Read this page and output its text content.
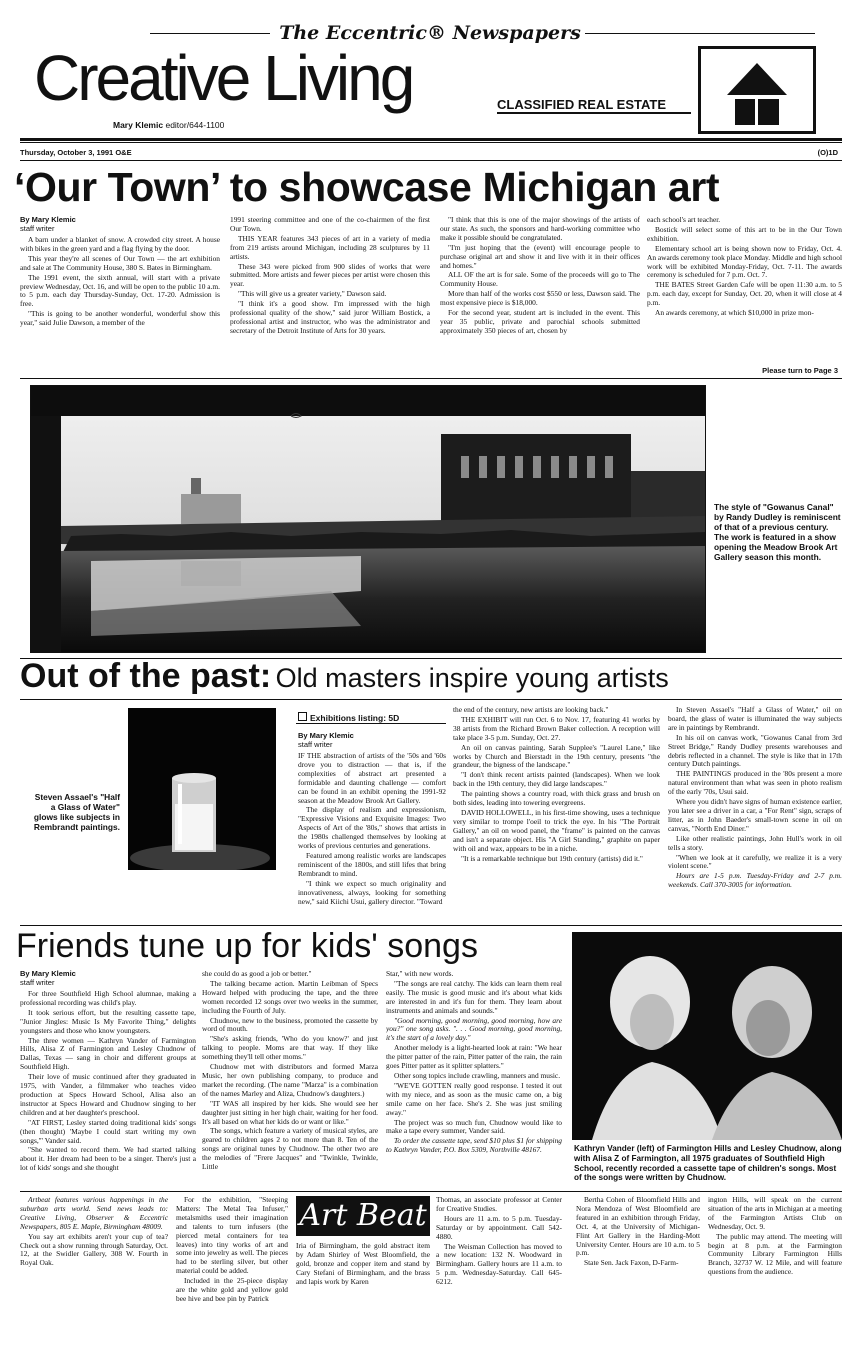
The Eccentric® Newspapers
Creative Living
Mary Klemic editor/644-1100
CLASSIFIED REAL ESTATE
Thursday, October 3, 1991 O&E	(O)1D
‘Our Town’ to showcase Michigan art
By Mary Klemic
staff writer

A barn under a blanket of snow. A crowded city street. A house with bikes in the green yard and a flag flying by the door.

This year they're all scenes of Our Town — the art exhibition and sale at The Community House, 380 S. Bates in Birmingham.

The 1991 event, the sixth annual, will start with a private preview Wednesday, Oct. 16, and will be open to the public 10 a.m. to 5 p.m. each day Thursday-Sunday, Oct. 17-20. Admission is free.

"This is going to be another wonderful, wonderful show this year," said Julie Dawson, a member of the

1991 steering committee and one of the co-chairmen of the first Our Town.

THIS YEAR features 343 pieces of art in a variety of media from 219 artists around Michigan, including 28 sculptures by 11 artists.

These 343 were picked from 900 slides of works that were submitted. More artists and fewer pieces per artist were chosen this year.

"This will give us a greater variety," Dawson said.

"I think it's a good show. I'm impressed with the high professional quality of the show," said juror William Bostick, a professional artist and instructor, who was the administrator and secretary of the Detroit Institute of Arts for 30 years.

"I think that this is one of the major showings of the artists of our state. As such, the sponsors and hard-working committee who make it possible should be congratulated.

"I'm just hoping that the (event) will encourage people to purchase original art and show it and live with it in their offices and homes."

ALL OF the art is for sale. Some of the proceeds will go to The Community House.

More than half of the works cost $550 or less, Dawson said. The most expensive piece is $18,000.

For the second year, student art is included in the event. This year 35 public, private and parochial schools submitted approximately 350 pieces of art, chosen by

each school's art teacher.

Bostick will select some of this art to be in the Our Town exhibition.

Elementary school art is being shown now to Friday, Oct. 4. An awards ceremony took place Monday. Middle and high school work will be exhibited Monday-Friday, Oct. 7-11. The awards ceremony is scheduled for 7 p.m. Oct. 7.

THE BATES Street Garden Cafe will be open 11:30 a.m. to 5 p.m. each day, except for Sunday, Oct. 20, when it will close at 4 p.m.

An awards ceremony, at which $10,000 in prize mon-

Please turn to Page 3
The style of "Gowanus Canal" by Randy Dudley is reminiscent of that of a previous century. The work is featured in a show opening the Meadow Brook Art Gallery season this month.
Out of the past: Old masters inspire young artists
Steven Assael's "Half a Glass of Water" glows like subjects in Rembrandt paintings.
Exhibitions listing: 5D
By Mary Klemic
staff writer

IF THE abstraction of artists of the '50s and '60s drove you to distraction — that is, if the complexities of abstract art presented a formidable and daunting challenge — comfort can be found in an exhibit opening the 1991-92 season at the Meadow Brook Art Gallery.

The display of realism and expressionism, "Expressive Visions and Exquisite Images: Two Aspects of Art of the '80s," shows that artists in the 1980s challenged themselves by looking at works of previous centuries and generations.

Featured among realistic works are landscapes reminiscent of the 1800s, and still lifes that bring Rembrandt to mind.

"I think we expect so much originality and innovativeness, always, looking for something new," said Kiichi Usui, gallery director. "Toward

the end of the century, new artists are looking back."

THE EXHIBIT will run Oct. 6 to Nov. 17, featuring 41 works by 38 artists from the Richard Brown Baker collection. A reception will take place 3-5 p.m. Sunday, Oct. 27.

An oil on canvas painting, Sarah Supplee's "Laurel Lane," like works by Church and Bierstadt in the 19th century, presents "the grandeur, the bigness of the landscape."

"I don't think recent artists painted (landscapes). When we look back in the 19th century, they did large landscapes."

The painting shows a country road, with thick grass and brush on both sides, leading into towering evergreens.

DAVID HOLLOWELL, in his first-time showing, uses a technique very similar to trompe l'oeil to trick the eye. In his "The Portrait Gallery," an oil on wood panel, the "frame" is painted on the canvas and isn't a separate object. His "A Girl Standing," graphite on paper with oil and wax, appears to be in a niche.

"It is a remarkable technique but 19th century (artists) did it."

In Steven Assael's "Half a Glass of Water," oil on board, the glass of water is illuminated the way subjects are in paintings by Rembrandt.

In his oil on canvas work, "Gowanus Canal from 3rd Street Bridge," Randy Dudley presents warehouses and debris reflected in a channel. The style is like that in 17th century Dutch paintings.

THE PAINTINGS produced in the '80s present a more natural environment than what was seen in photo realism of the early '70s, Usui said.

Where you didn't have signs of human existence earlier, you later see a driver in a car, a "For Rent" sign, scraps of litter, as in John Baeder's small-town scene in oil on canvas, "North End Diner."

Like other realistic paintings, John Hull's work in oil tells a story.

"When we look at it carefully, we realize it is a very violent scene."

Hours are 1-5 p.m. Tuesday-Friday and 2-7 p.m. weekends. Call 370-3005 for information.

Friends tune up for kids' songs
By Mary Klemic
staff writer

For three Southfield High School alumnae, making a professional recording was child's play.

It took serious effort, but the resulting cassette tape, "Junior Jingles: Music Is My Favorite Thing," delights youngsters and those who know youngsters.

The three women — Kathryn Vander of Farmington Hills, Alisa Z of Farmington and Lesley Chudnow of Dallas, Texas — sang in choir and different groups at Southfield High.

Their love of music continued after they graduated in 1975, with Vander, a filmmaker who teaches video production at Specs Howard School, Alisa also an instructor at Specs Howard and Chudnow singing to her children and at her daughter's preschool.

"AT FIRST, Lesley started doing traditional kids' songs (then thought) 'Maybe I could start writing my own songs,'" Vander said.

"She wanted to record them. We had started talking about it. Her dream had been to be a singer. There's just a lot of kids' songs and she thought

she could do as good a job or better."

The talking became action. Martin Leibman of Specs Howard helped with producing the tape, and the three women recorded 12 songs over two weeks in the summer, including the Fourth of July.

Chudnow, new to the business, promoted the cassette by word of mouth.

"She's asking friends, 'Who do you know?' and just talking to people. Moms are that way. If they like something they'll tell other moms."

Chudnow met with distributors and formed Marza Music, her own publishing company, to produce and market the recording. (The name "Marza" is a combination of the names Marley and Aliza, Chudnow's daughters.)

"IT WAS all inspired by her kids. She would see her daughter just sitting in her high chair, waiting for her food. It's all based on what her kids do or want or like."

The songs, which feature a variety of musical styles, are geared to children ages 2 to not more than 8. Ten of the songs are original tunes by Chudnow. The other two are the melodies of "Frere Jacques" and "Twinkle, Twinkle, Little

Star," with new words.

"The songs are real catchy. The kids can learn them real easily. The music is good music and it's about what kids are interested in and it's fun for them. They learn about instruments and animals and sounds."

"Good morning, good morning, good morning, how are you?" one song asks. ". . . Good morning, good morning, it's the start of a lovely day."

Another melody is a light-hearted look at rain: "We hear the pitter patter of the rain, Pitter patter of the rain, the rain goes Pitter patter as it splitter splatters."

Other song topics include crawling, manners and music.

"WE'VE GOTTEN really good response. I tested it out with my niece, and as soon as the music came on, a big smile came on her face. She's 2. She was just smiling away."

The project was so much fun, Chudnow would like to make a tape every summer, Vander said.

To order the cassette tape, send $10 plus $1 for shipping to Kathryn Vander, P.O. Box 5309, Northville 48167.	Kathryn Vander (left) of Farmington Hills and Lesley Chudnow, along with Alisa Z of Farmington, all 1975 graduates of Southfield High School, recently recorded a cassette tape of children's songs. Most of the songs were written by Chudnow.

Artbeat features various happenings in the suburban arts world. Send news leads to: Creative Living, Observer & Eccentric Newspapers, 805 E. Maple, Birmingham 48009.

You say art exhibits aren't your cup of tea? Check out a show running through Saturday, Oct. 12, at the Swidler Gallery, 308 W. Fourth in Royal Oak.

For the exhibition, "Steeping Matters: The Metal Tea Infuser," metalsmiths used their imagination and talents to turn infusers (the pierced metal containers for tea leaves) into tiny works of art and some into jewelry as well. The pieces had to be sterling silver, but other material could be added.

Included in the 25-piece display are the white gold and yellow gold bee hive and bee pin by Patrick

Art Beat

Iria of Birmingham, the gold abstract item by Adam Shirley of West Bloomfield, the gold, bronze and copper item and stand by Cary Stefani of Birmingham, and the brass and lapis work by Karen

Thomas, an associate professor at Center for Creative Studies.

Hours are 11 a.m. to 5 p.m. Tuesday-Saturday or by appointment. Call 542-4880.

The Weisman Collection has moved to a new location: 132 N. Woodward in Birmingham. Gallery hours are 11 a.m. to 5 p.m. Wednesday-Saturday. Call 645-6212.

Bertha Cohen of Bloomfield Hills and Nora Mendoza of West Bloomfield are featured in an exhibition through Friday, Oct. 4, at the University of Michigan-Flint Art Gallery in the Harding-Mott University Center. Hours are 10 a.m. to 5 p.m.

State Sen. Jack Faxon, D-Farm-

ington Hills, will speak on the current situation of the arts in Michigan at a meeting of the Farmington Artists Club on Wednesday, Oct. 9.

The public may attend. The meeting will begin at 8 p.m. at the Farmington Community Library Farmington Hills Branch, 32737 W. 12 Mile, and will feature questions from the audience.
